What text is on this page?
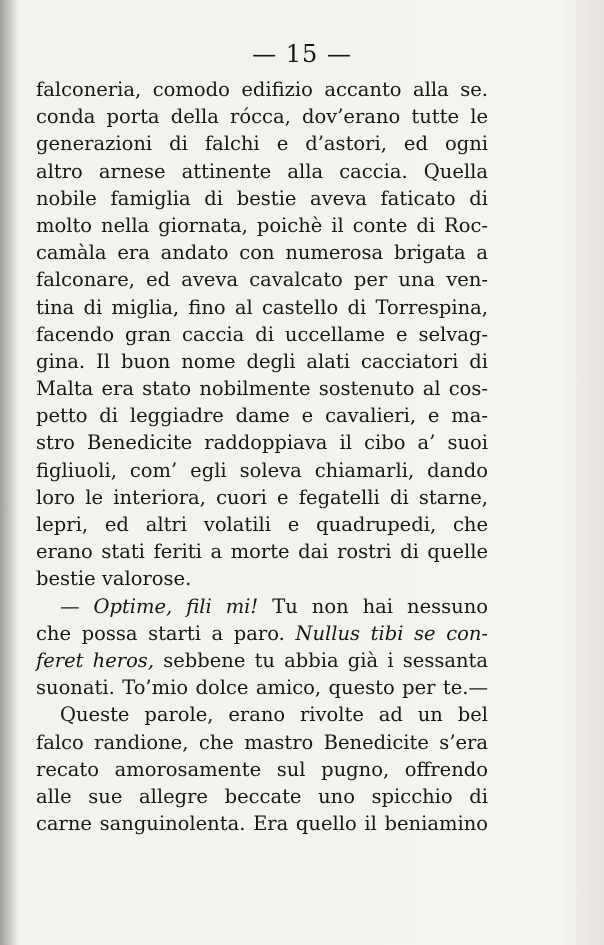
— 15 —
falconeria, comodo edifizio accanto alla se.
conda porta della rócca, dov’erano tutte le
generazioni di falchi e d’astori, ed ogni
altro arnese attinente alla caccia. Quella
nobile famiglia di bestie aveva faticato di
molto nella giornata, poichè il conte di Roc-
camàla era andato con numerosa brigata a
falconare, ed aveva cavalcato per una ven-
tina di miglia, fino al castello di Torrespina,
facendo gran caccia di uccellame e selvag-
gina. Il buon nome degli alati cacciatori di
Malta era stato nobilmente sostenuto al cos-
petto di leggiadre dame e cavalieri, e ma-
stro Benedicite raddoppiava il cibo a’ suoi
figliuoli, com’ egli soleva chiamarli, dando
loro le interiora, cuori e fegatelli di starne,
lepri, ed altri volatili e quadrupedi, che
erano stati feriti a morte dai rostri di quelle
bestie valorose.
— Optime, fili mi! Tu non hai nessuno
che possa starti a paro. Nullus tibi se con-
feret heros, sebbene tu abbia già i sessanta
suonati. To’mio dolce amico, questo per te.—
Queste parole, erano rivolte ad un bel
falco randione, che mastro Benedicite s’era
recato amorosamente sul pugno, offrendo
alle sue allegre beccate uno spicchio di
carne sanguinolenta. Era quello il beniamino
